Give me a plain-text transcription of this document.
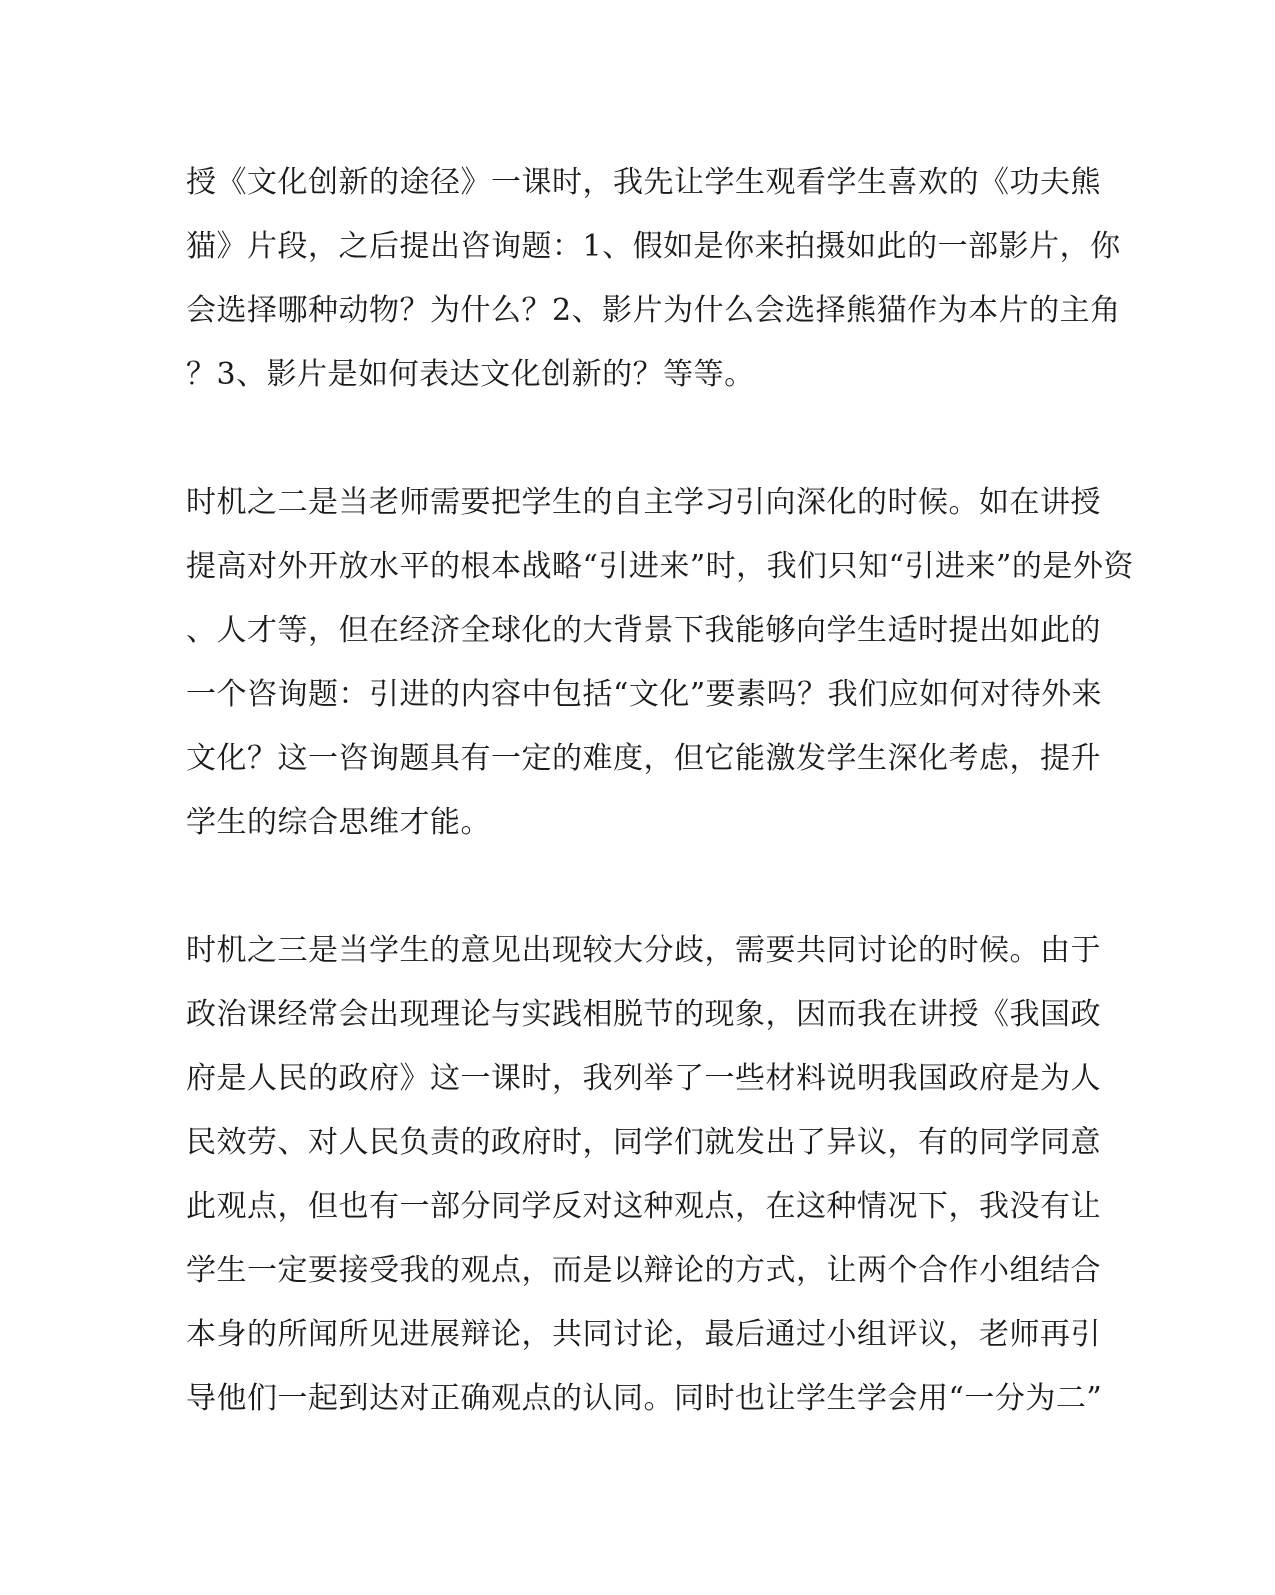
授《文化创新的途径》一课时，我先让学生观看学生喜欢的《功夫熊
猫》片段，之后提出咨询题：1、假如是你来拍摄如此的一部影片，你
会选择哪种动物？为什么？2、影片为什么会选择熊猫作为本片的主角
？3、影片是如何表达文化创新的？等等。
时机之二是当老师需要把学生的自主学习引向深化的时候。如在讲授
提高对外开放水平的根本战略“引进来”时，我们只知“引进来”的是外资
、人才等，但在经济全球化的大背景下我能够向学生适时提出如此的
一个咨询题：引进的内容中包括“文化”要素吗？我们应如何对待外来
文化？这一咨询题具有一定的难度，但它能激发学生深化考虑，提升
学生的综合思维才能。
时机之三是当学生的意见出现较大分歧，需要共同讨论的时候。由于
政治课经常会出现理论与实践相脱节的现象，因而我在讲授《我国政
府是人民的政府》这一课时，我列举了一些材料说明我国政府是为人
民效劳、对人民负责的政府时，同学们就发出了异议，有的同学同意
此观点，但也有一部分同学反对这种观点，在这种情况下，我没有让
学生一定要接受我的观点，而是以辩论的方式，让两个合作小组结合
本身的所闻所见进展辩论，共同讨论，最后通过小组评议，老师再引
导他们一起到达对正确观点的认同。同时也让学生学会用“一分为二”
